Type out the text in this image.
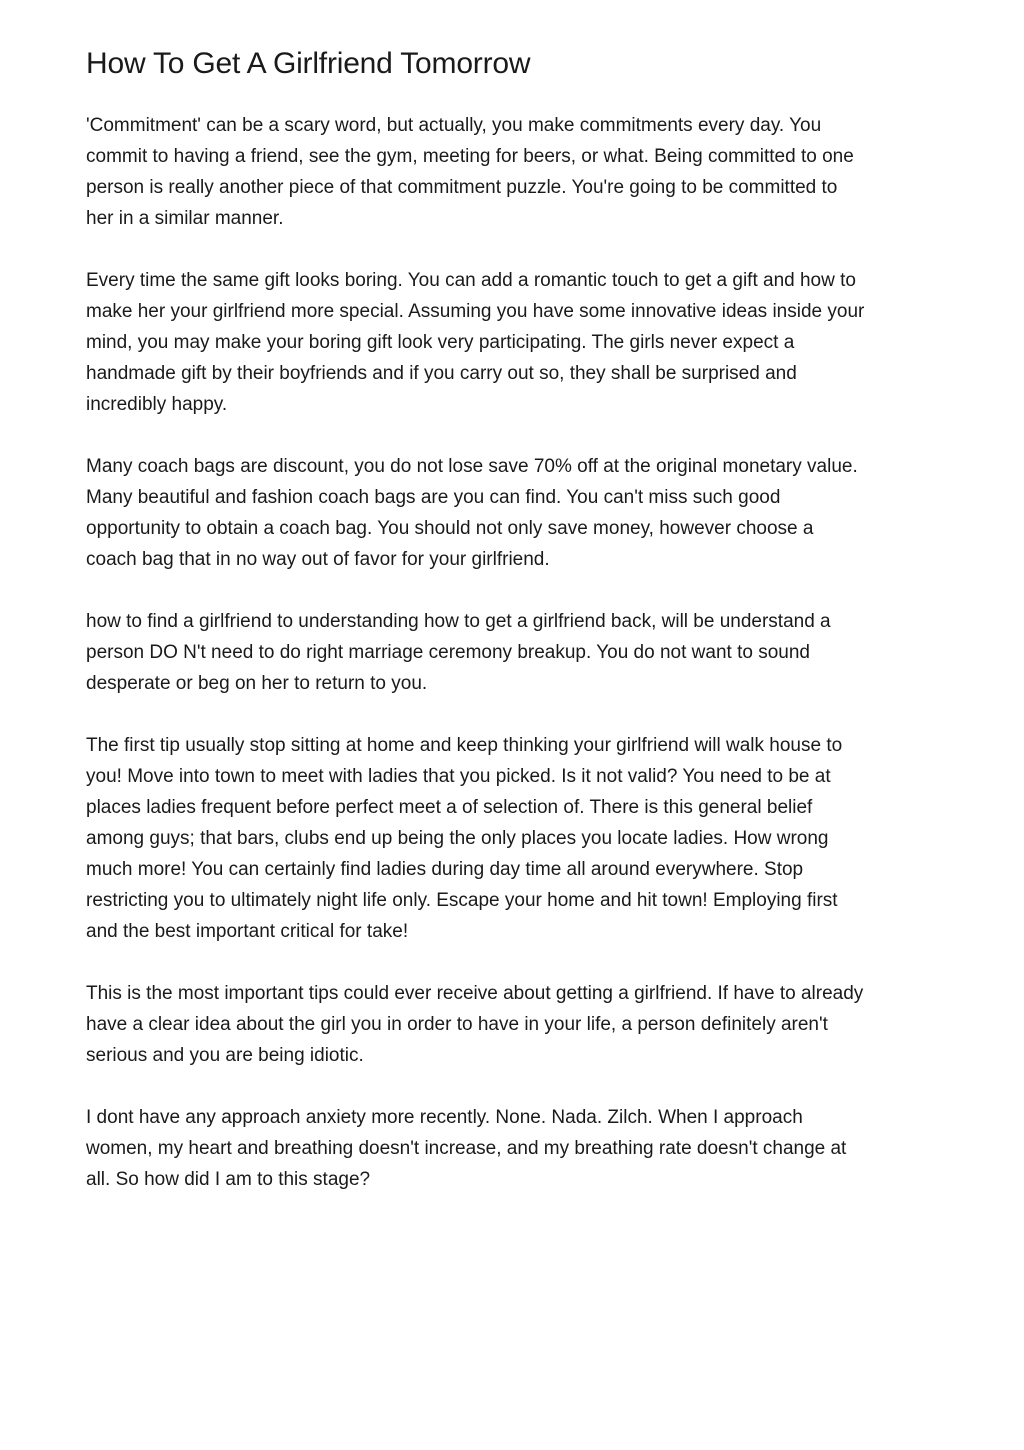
How To Get A Girlfriend Tomorrow

'Commitment' can be a scary word, but actually, you make commitments every day. You
commit to having a friend, see the gym, meeting for beers, or what. Being committed to one
person is really another piece of that commitment puzzle. You're going to be committed to
her in a similar manner.

Every time the same gift looks boring. You can add a romantic touch to get a gift and how to
make her your girlfriend more special. Assuming you have some innovative ideas inside your
mind, you may make your boring gift look very participating. The girls never expect a
handmade gift by their boyfriends and if you carry out so, they shall be surprised and
incredibly happy.

Many coach bags are discount, you do not lose save 70% off at the original monetary value.
Many beautiful and fashion coach bags are you can find. You can't miss such good
opportunity to obtain a coach bag. You should not only save money, however choose a
coach bag that in no way out of favor for your girlfriend.

how to find a girlfriend to understanding how to get a girlfriend back, will be understand a
person DO N't need to do right marriage ceremony breakup. You do not want to sound
desperate or beg on her to return to you.

The first tip usually stop sitting at home and keep thinking your girlfriend will walk house to
you! Move into town to meet with ladies that you picked. Is it not valid? You need to be at
places ladies frequent before perfect meet a of selection of. There is this general belief
among guys; that bars, clubs end up being the only places you locate ladies. How wrong
much more! You can certainly find ladies during day time all around everywhere. Stop
restricting you to ultimately night life only. Escape your home and hit town! Employing first
and the best important critical for take!

This is the most important tips could ever receive about getting a girlfriend. If have to already
have a clear idea about the girl you in order to have in your life, a person definitely aren't
serious and you are being idiotic.

I dont have any approach anxiety more recently. None. Nada. Zilch. When I approach
women, my heart and breathing doesn't increase, and my breathing rate doesn't change at
all. So how did I am to this stage?
